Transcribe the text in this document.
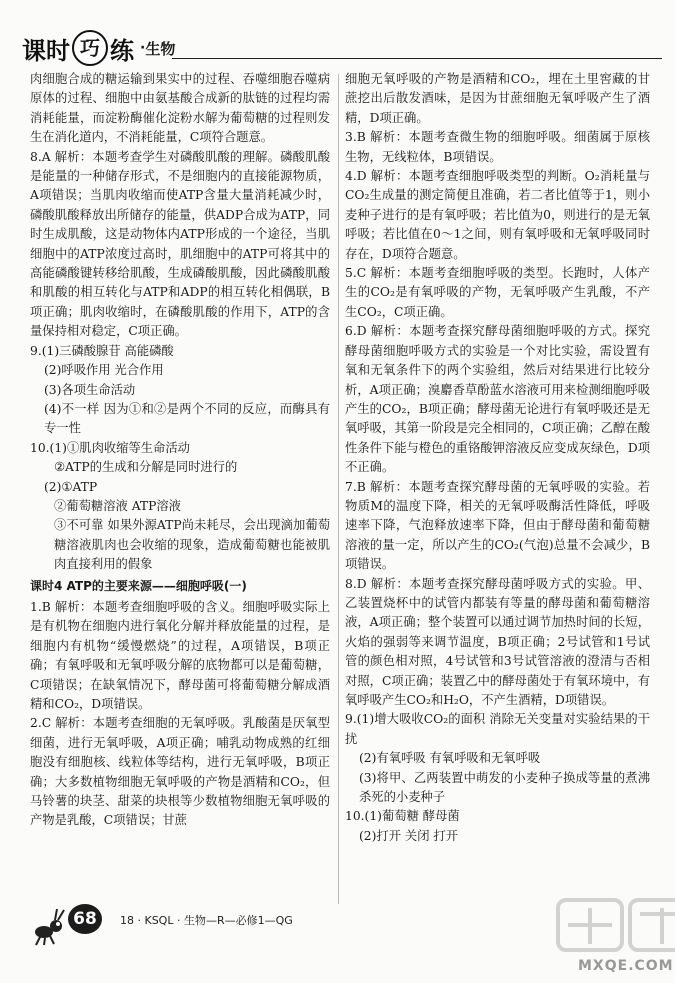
课时 巧 练 · 生物
肉细胞合成的糖运输到果实中的过程、吞噬细胞吞噬病原体的过程、细胞中由氨基酸合成新的肽链的过程均需消耗能量，而淀粉酶催化淀粉水解为葡萄糖的过程则发生在消化道内，不消耗能量，C项符合题意。
8.A 解析：本题考查学生对磷酸肌酸的理解。磷酸肌酸是能量的一种储存形式，不是细胞内的直接能源物质，A项错误；当肌肉收缩而使ATP含量大量消耗减少时，磷酸肌酸释放出所储存的能量，供ADP合成为ATP，同时生成肌酸，这是动物体内ATP形成的一个途径，当肌细胞中的ATP浓度过高时，肌细胞中的ATP可将其中的高能磷酸键转移给肌酸，生成磷酸肌酸，因此磷酸肌酸和肌酸的相互转化与ATP和ADP的相互转化相偶联，B项正确；肌肉收缩时，在磷酸肌酸的作用下，ATP的含量保持相对稳定，C项正确。
9.(1)三磷酸腺苷 高能磷酸
(2)呼吸作用 光合作用
(3)各项生命活动
(4)不一样 因为①和②是两个不同的反应，而酶具有专一性
10.(1)①肌肉收缩等生命活动
②ATP的生成和分解是同时进行的
(2)①ATP
②葡萄糖溶液 ATP溶液
③不可靠 如果外源ATP尚未耗尽，会出现滴加葡萄糖溶液肌肉也会收缩的现象，造成葡萄糖也能被肌肉直接利用的假象
课时4 ATP的主要来源——细胞呼吸(一)
1.B 解析：本题考查细胞呼吸的含义。细胞呼吸实际上是有机物在细胞内进行氧化分解并释放能量的过程，是细胞内有机物“缓慢燃烧”的过程，A项错误，B项正确；有氧呼吸和无氧呼吸分解的底物都可以是葡萄糖，C项错误；在缺氧情况下，酵母菌可将葡萄糖分解成酒精和CO₂，D项错误。
2.C 解析：本题考查细胞的无氧呼吸。乳酸菌是厌氧型细菌，进行无氧呼吸，A项正确；哺乳动物成熟的红细胞没有细胞核、线粒体等结构，进行无氧呼吸，B项正确；大多数植物细胞无氧呼吸的产物是酒精和CO₂，但马铃薯的块茎、甜菜的块根等少数植物细胞无氧呼吸的产物是乳酸，C项错误；甘蔗
细胞无氧呼吸的产物是酒精和CO₂，埋在土里窖藏的甘蔗挖出后散发酒味，是因为甘蔗细胞无氧呼吸产生了酒精，D项正确。
3.B 解析：本题考查微生物的细胞呼吸。细菌属于原核生物，无线粒体，B项错误。
4.D 解析：本题考查细胞呼吸类型的判断。O₂消耗量与CO₂生成量的测定简便且准确，若二者比值等于1，则小麦种子进行的是有氧呼吸；若比值为0，则进行的是无氧呼吸；若比值在0～1之间，则有氧呼吸和无氧呼吸同时存在，D项符合题意。
5.C 解析：本题考查细胞呼吸的类型。长跑时，人体产生的CO₂是有氧呼吸的产物，无氧呼吸产生乳酸，不产生CO₂，C项正确。
6.D 解析：本题考查探究酵母菌细胞呼吸的方式。探究酵母菌细胞呼吸方式的实验是一个对比实验，需设置有氧和无氧条件下的两个实验组，然后对结果进行比较分析，A项正确；溴麝香草酚蓝水溶液可用来检测细胞呼吸产生的CO₂，B项正确；酵母菌无论进行有氧呼吸还是无氧呼吸，其第一阶段是完全相同的，C项正确；乙醇在酸性条件下能与橙色的重铬酸钾溶液反应变成灰绿色，D项不正确。
7.B 解析：本题考查探究酵母菌的无氧呼吸的实验。若物质M的温度下降，相关的无氧呼吸酶活性降低，呼吸速率下降，气泡释放速率下降，但由于酵母菌和葡萄糖溶液的量一定，所以产生的CO₂(气泡)总量不会减少，B项错误。
8.D 解析：本题考查探究酵母菌呼吸方式的实验。甲、乙装置烧杯中的试管内都装有等量的酵母菌和葡萄糖溶液，A项正确；整个装置可以通过调节加热时间的长短，火焰的强弱等来调节温度，B项正确；2号试管和1号试管的颜色相对照，4号试管和3号试管溶液的澄清与否相对照，C项正确；装置乙中的酵母菌处于有氧环境中，有氧呼吸产生CO₂和H₂O，不产生酒精，D项错误。
9.(1)增大吸收CO₂的面积 消除无关变量对实验结果的干扰
(2)有氧呼吸 有氧呼吸和无氧呼吸
(3)将甲、乙两装置中萌发的小麦种子换成等量的煮沸杀死的小麦种子
10.(1)葡萄糖 酵母菌
(2)打开 关闭 打开
68	18 · KSQL · 生物—R—必修1—QG
MXQE.COM
